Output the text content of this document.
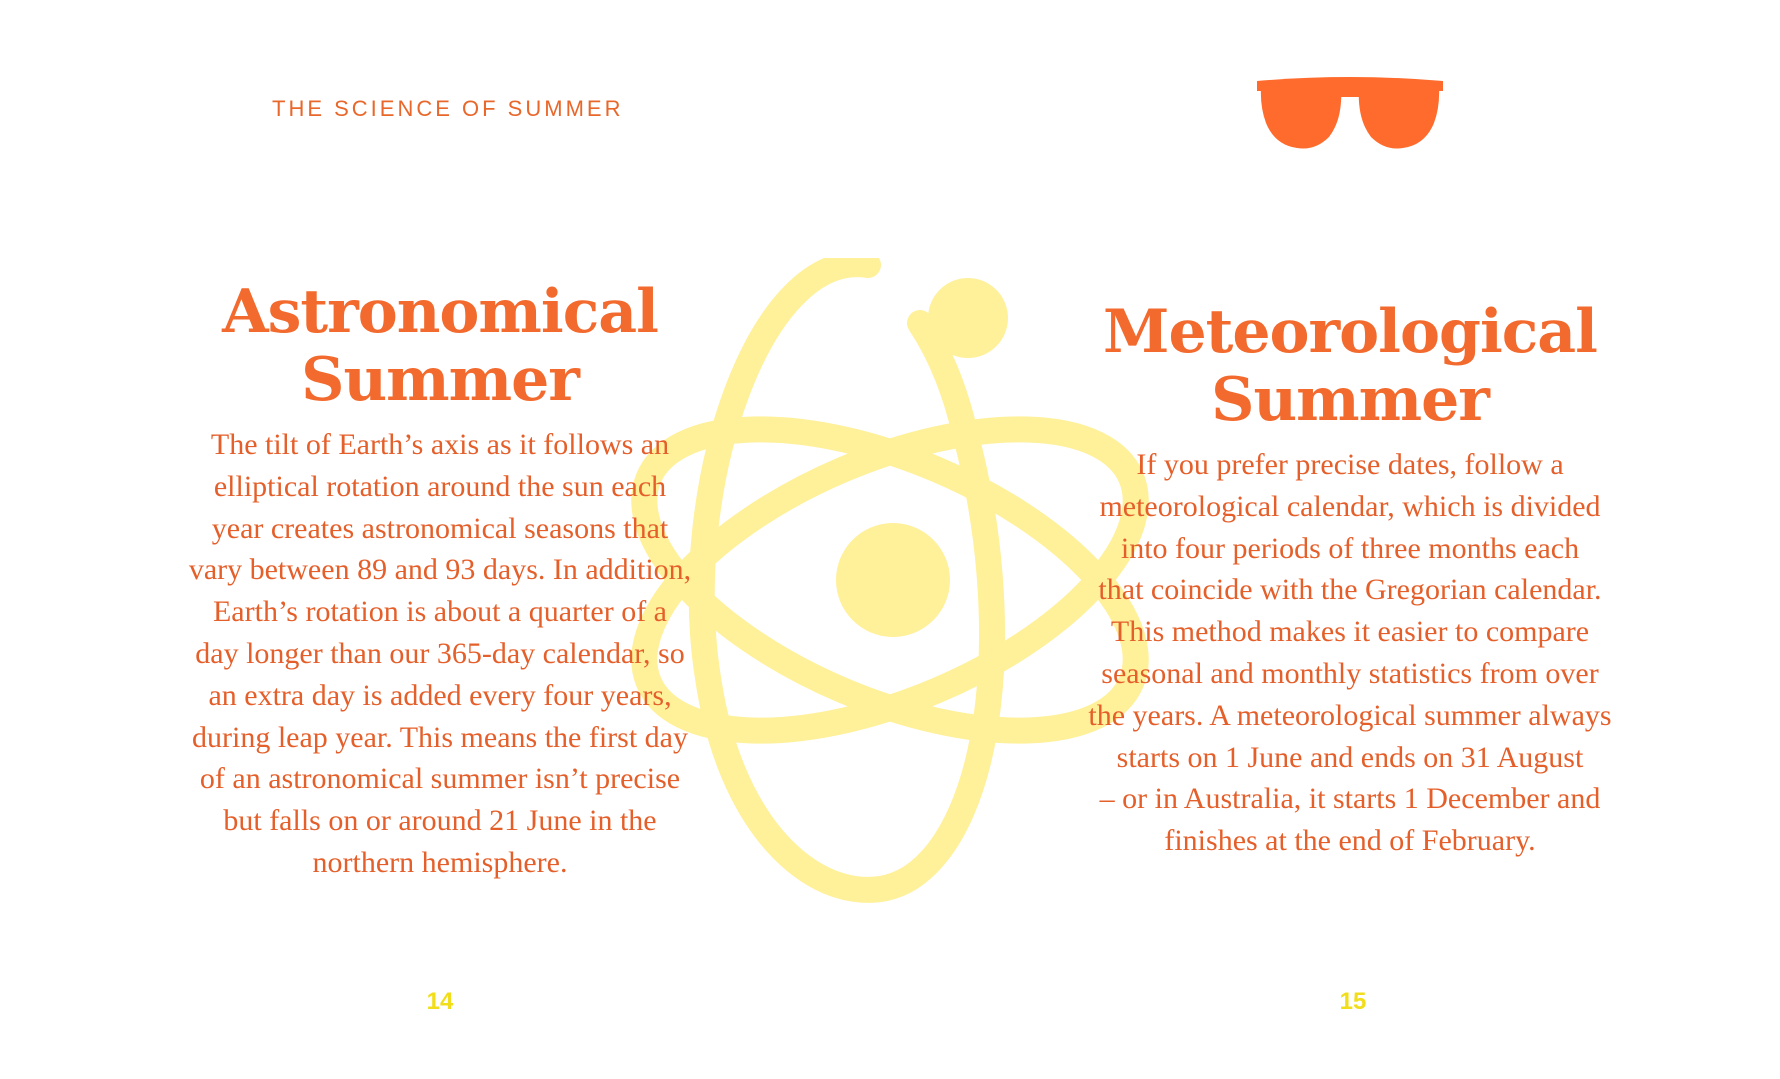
THE SCIENCE OF SUMMER
Astronomical
Summer

The tilt of Earth’s axis as it follows an
elliptical rotation around the sun each
year creates astronomical seasons that
vary between 89 and 93 days. In addition,
Earth’s rotation is about a quarter of a
day longer than our 365-day calendar, so
an extra day is added every four years,
during leap year. This means the first day
of an astronomical summer isn’t precise
but falls on or around 21 June in the
northern hemisphere.

Meteorological
Summer

If you prefer precise dates, follow a
meteorological calendar, which is divided
into four periods of three months each
that coincide with the Gregorian calendar.
This method makes it easier to compare
seasonal and monthly statistics from over
the years. A meteorological summer always
starts on 1 June and ends on 31 August
– or in Australia, it starts 1 December and
finishes at the end of February.

14	15
